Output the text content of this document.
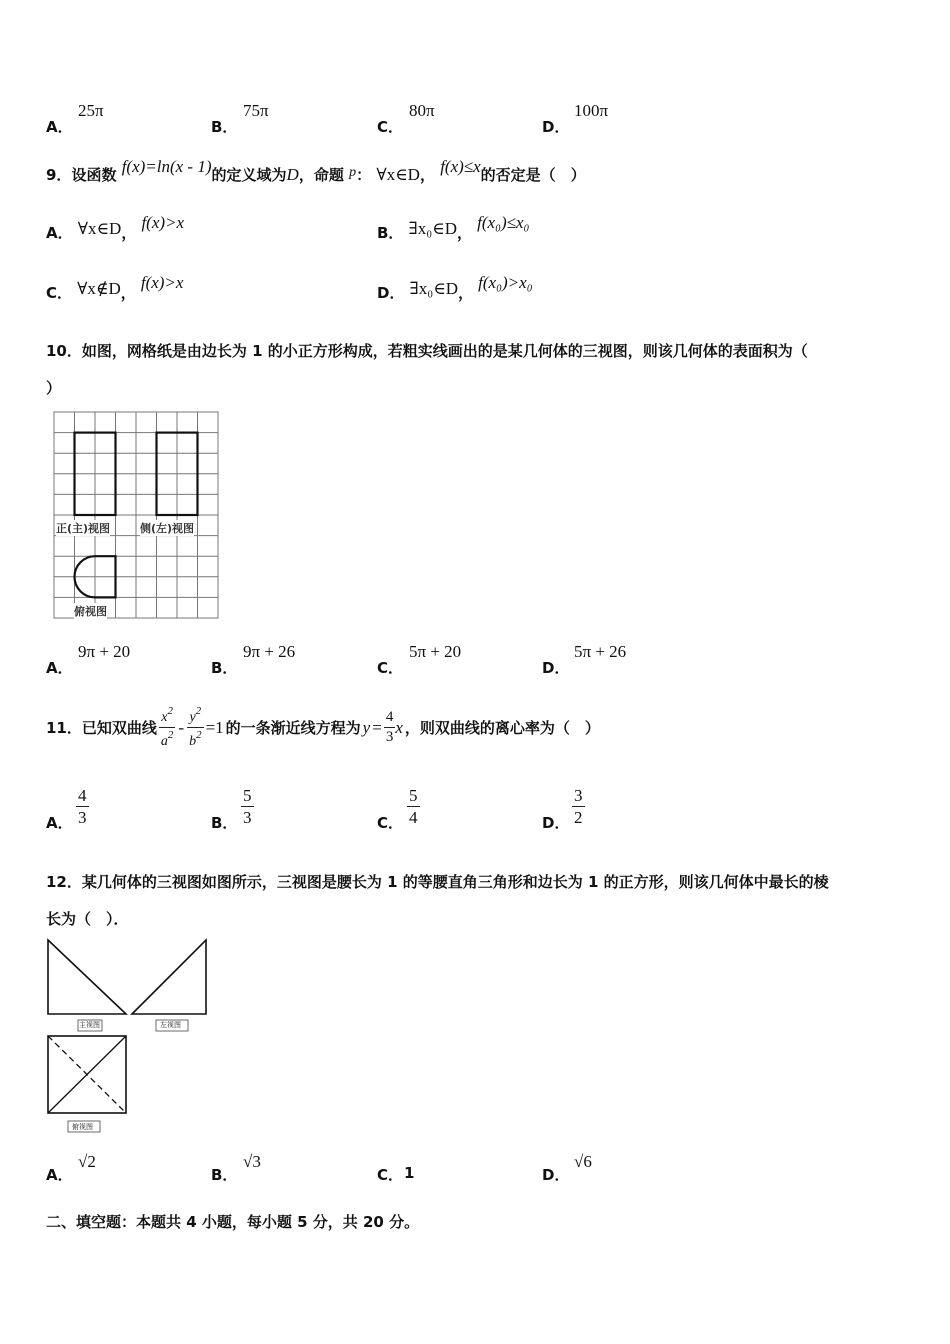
A．
25π
B．
75π
C．
80π
D．
100π
9．设函数 f(x)=ln(x - 1)的定义域为D，命题 p： ∀x∈D， f(x)≤x的否定是（　）
A． ∀x∈D， f(x)>x
B． ∃x₀∈D， f(x₀)≤x₀
C． ∀x∉D， f(x)>x
D． ∃x₀∈D， f(x₀)>x₀
10．如图，网格纸是由边长为 1 的小正方形构成，若粗实线画出的是某几何体的三视图，则该几何体的表面积为（
）
正(主)视图	侧(左)视图
俯视图
A．
9π + 20
B．
9π + 26
C．
5π + 20
D．
5π + 26
11． 已知双曲线 $\frac{x^2}{a^2} - \frac{y^2}{b^2} =1$ 的一条渐近线方程为 $y = \frac{4}{3}$ x ，则双曲线的离心率为（　）
A． $\frac{4}{3}$	B． $\frac{5}{3}$	C． $\frac{5}{4}$	D． $\frac{3}{2}$
12．某几何体的三视图如图所示，三视图是腰长为 1 的等腰直角三角形和边长为 1 的正方形，则该几何体中最长的棱
长为（　）．
主视图	左视图
俯视图
A．
√2
B．
√3
C． 1	D．
√6
二、填空题：本题共 4 小题，每小题 5 分，共 20 分。
